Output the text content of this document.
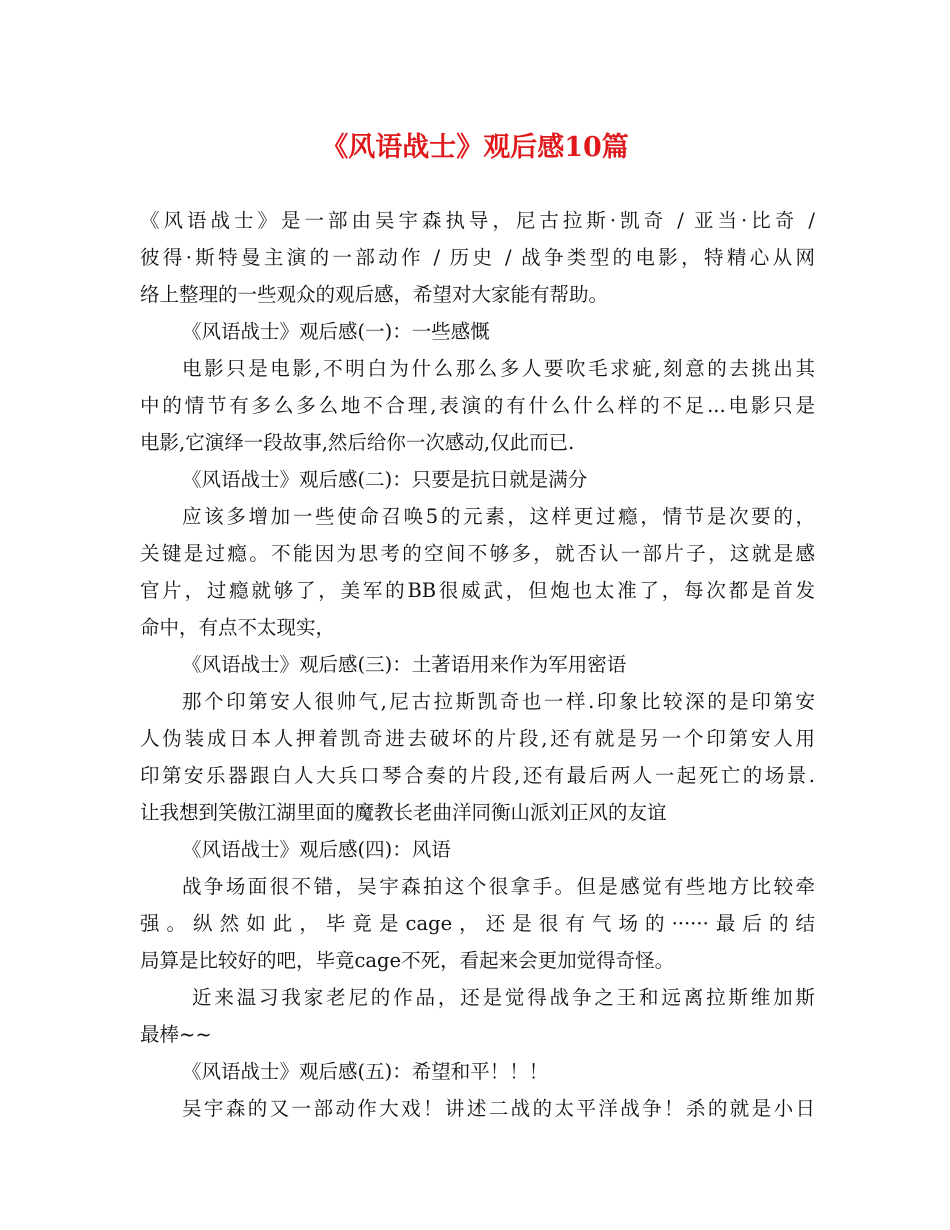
《风语战士》观后感10篇
《风语战士》是一部由吴宇森执导，尼古拉斯·凯奇 / 亚当·比奇 /
彼得·斯特曼主演的一部动作 / 历史 / 战争类型的电影，特精心从网
络上整理的一些观众的观后感，希望对大家能有帮助。
《风语战士》观后感(一)：一些感慨
电影只是电影,不明白为什么那么多人要吹毛求疵,刻意的去挑出其
中的情节有多么多么地不合理,表演的有什么什么样的不足...电影只是
电影,它演绎一段故事,然后给你一次感动,仅此而已.
《风语战士》观后感(二)：只要是抗日就是满分
应该多增加一些使命召唤5的元素，这样更过瘾，情节是次要的，
关键是过瘾。不能因为思考的空间不够多，就否认一部片子，这就是感
官片，过瘾就够了，美军的BB很威武，但炮也太准了，每次都是首发
命中，有点不太现实，
《风语战士》观后感(三)：土著语用来作为军用密语
那个印第安人很帅气,尼古拉斯凯奇也一样.印象比较深的是印第安
人伪装成日本人押着凯奇进去破坏的片段,还有就是另一个印第安人用
印第安乐器跟白人大兵口琴合奏的片段,还有最后两人一起死亡的场景.
让我想到笑傲江湖里面的魔教长老曲洋同衡山派刘正风的友谊
《风语战士》观后感(四)：风语
战争场面很不错，吴宇森拍这个很拿手。但是感觉有些地方比较牵
强。纵然如此，毕竟是cage，还是很有气场的······最后的结
局算是比较好的吧，毕竟cage不死，看起来会更加觉得奇怪。
近来温习我家老尼的作品，还是觉得战争之王和远离拉斯维加斯
最棒~~
《风语战士》观后感(五)：希望和平！！！
吴宇森的又一部动作大戏！讲述二战的太平洋战争！杀的就是小日
